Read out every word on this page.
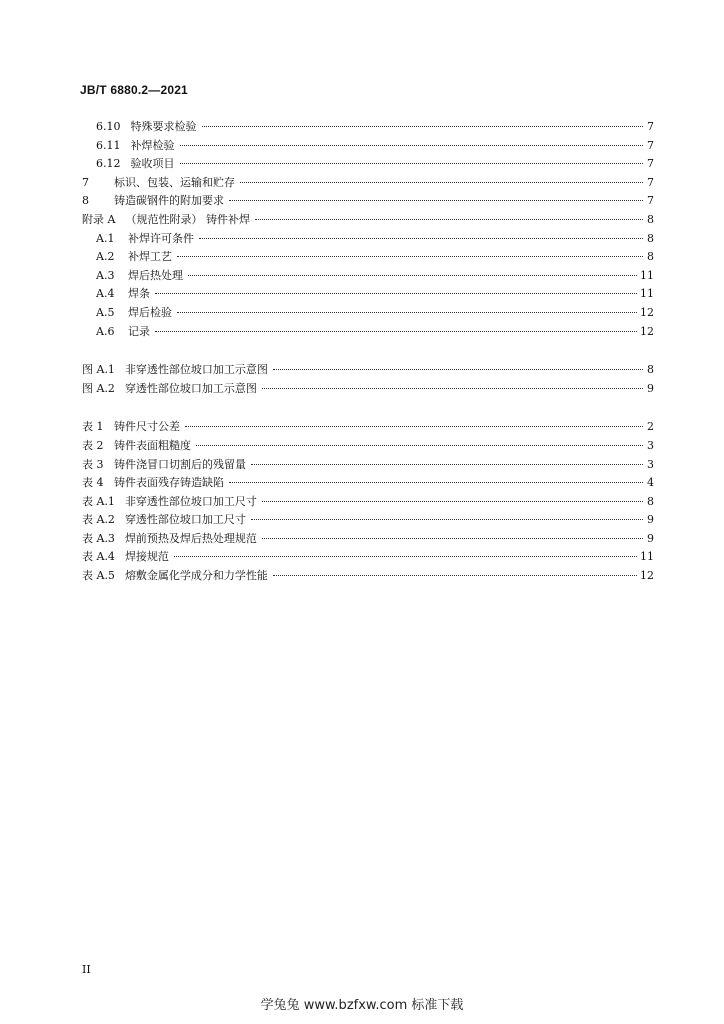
JB/T 6880.2—2021
6.10 特殊要求检验	7
6.11 补焊检验	7
6.12 验收项目	7
7 标识、包装、运输和贮存	7
8 铸造碳钢件的附加要求	7
附录 A （规范性附录） 铸件补焊	8
A.1 补焊许可条件	8
A.2 补焊工艺	8
A.3 焊后热处理	11
A.4 焊条	11
A.5 焊后检验	12
A.6 记录	12
图 A.1 非穿透性部位坡口加工示意图	8
图 A.2 穿透性部位坡口加工示意图	9
表 1 铸件尺寸公差	2
表 2 铸件表面粗糙度	3
表 3 铸件浇冒口切割后的残留量	3
表 4 铸件表面残存铸造缺陷	4
表 A.1 非穿透性部位坡口加工尺寸	8
表 A.2 穿透性部位坡口加工尺寸	9
表 A.3 焊前预热及焊后热处理规范	9
表 A.4 焊接规范	11
表 A.5 熔敷金属化学成分和力学性能	12
II
学兔兔 www.bzfxw.com 标准下载
